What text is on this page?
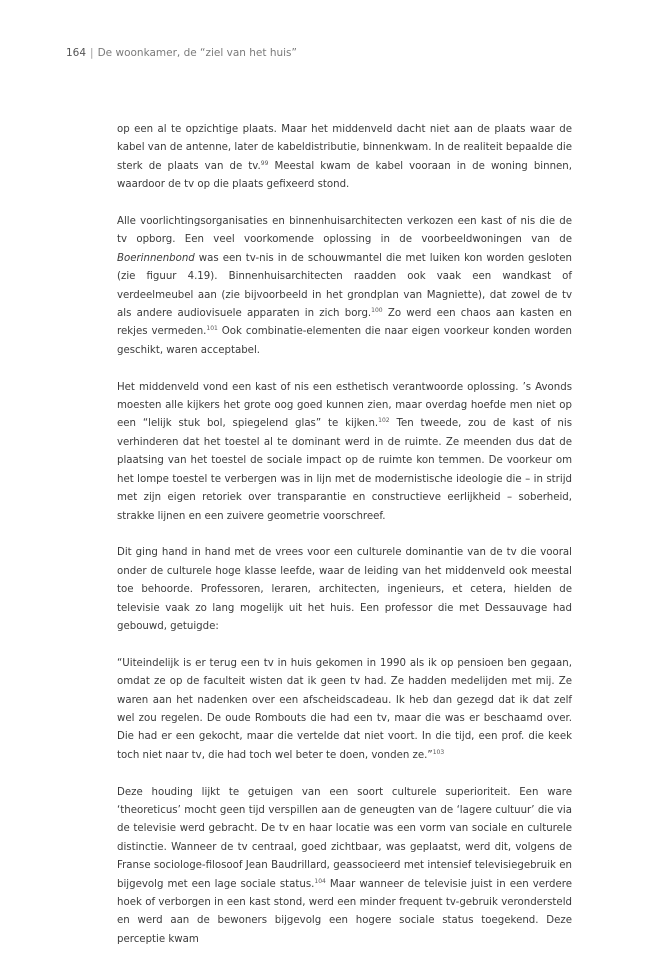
164 | De woonkamer, de “ziel van het huis”

op een al te opzichtige plaats. Maar het middenveld dacht niet aan de plaats waar de kabel van de antenne, later de kabeldistributie, binnenkwam. In de realiteit bepaalde die sterk de plaats van de tv.$^{99}$ Meestal kwam de kabel vooraan in de woning binnen, waardoor de tv op die plaats gefixeerd stond.

Alle voorlichtingsorganisaties en binnenhuisarchitecten verkozen een kast of nis die de tv opborg. Een veel voorkomende oplossing in de voorbeeldwoningen van de Boerinnenbond was een tv-nis in de schouwmantel die met luiken kon worden gesloten (zie figuur 4.19). Binnenhuisarchitecten raadden ook vaak een wandkast of verdeelmeubel aan (zie bijvoorbeeld in het grondplan van Magniette), dat zowel de tv als andere audiovisuele apparaten in zich borg.$^{100}$ Zo werd een chaos aan kasten en rekjes vermeden.$^{101}$ Ook combinatie-elementen die naar eigen voorkeur konden worden geschikt, waren acceptabel.

Het middenveld vond een kast of nis een esthetisch verantwoorde oplossing. ’s Avonds moesten alle kijkers het grote oog goed kunnen zien, maar overdag hoefde men niet op een “lelijk stuk bol, spiegelend glas” te kijken.$^{102}$ Ten tweede, zou de kast of nis verhinderen dat het toestel al te dominant werd in de ruimte. Ze meenden dus dat de plaatsing van het toestel de sociale impact op de ruimte kon temmen. De voorkeur om het lompe toestel te verbergen was in lijn met de modernistische ideologie die – in strijd met zijn eigen retoriek over transparantie en constructieve eerlijkheid – soberheid, strakke lijnen en een zuivere geometrie voorschreef.

Dit ging hand in hand met de vrees voor een culturele dominantie van de tv die vooral onder de culturele hoge klasse leefde, waar de leiding van het middenveld ook meestal toe behoorde. Professoren, leraren, architecten, ingenieurs, et cetera, hielden de televisie vaak zo lang mogelijk uit het huis. Een professor die met Dessauvage had gebouwd, getuigde:

“Uiteindelijk is er terug een tv in huis gekomen in 1990 als ik op pensioen ben gegaan, omdat ze op de faculteit wisten dat ik geen tv had. Ze hadden medelijden met mij. Ze waren aan het nadenken over een afscheidscadeau. Ik heb dan gezegd dat ik dat zelf wel zou regelen. De oude Rombouts die had een tv, maar die was er beschaamd over. Die had er een gekocht, maar die vertelde dat niet voort. In die tijd, een prof. die keek toch niet naar tv, die had toch wel beter te doen, vonden ze.”$^{103}$

Deze houding lijkt te getuigen van een soort culturele superioriteit. Een ware ‘theoreticus’ mocht geen tijd verspillen aan de geneugten van de ‘lagere cultuur’ die via de televisie werd gebracht. De tv en haar locatie was een vorm van sociale en culturele distinctie. Wanneer de tv centraal, goed zichtbaar, was geplaatst, werd dit, volgens de Franse sociologe-filosoof Jean Baudrillard, geassocieerd met intensief televisiegebruik en bijgevolg met een lage sociale status.$^{104}$ Maar wanneer de televisie juist in een verdere hoek of verborgen in een kast stond, werd een minder frequent tv-gebruik verondersteld en werd aan de bewoners bijgevolg een hogere sociale status toegekend. Deze perceptie kwam
